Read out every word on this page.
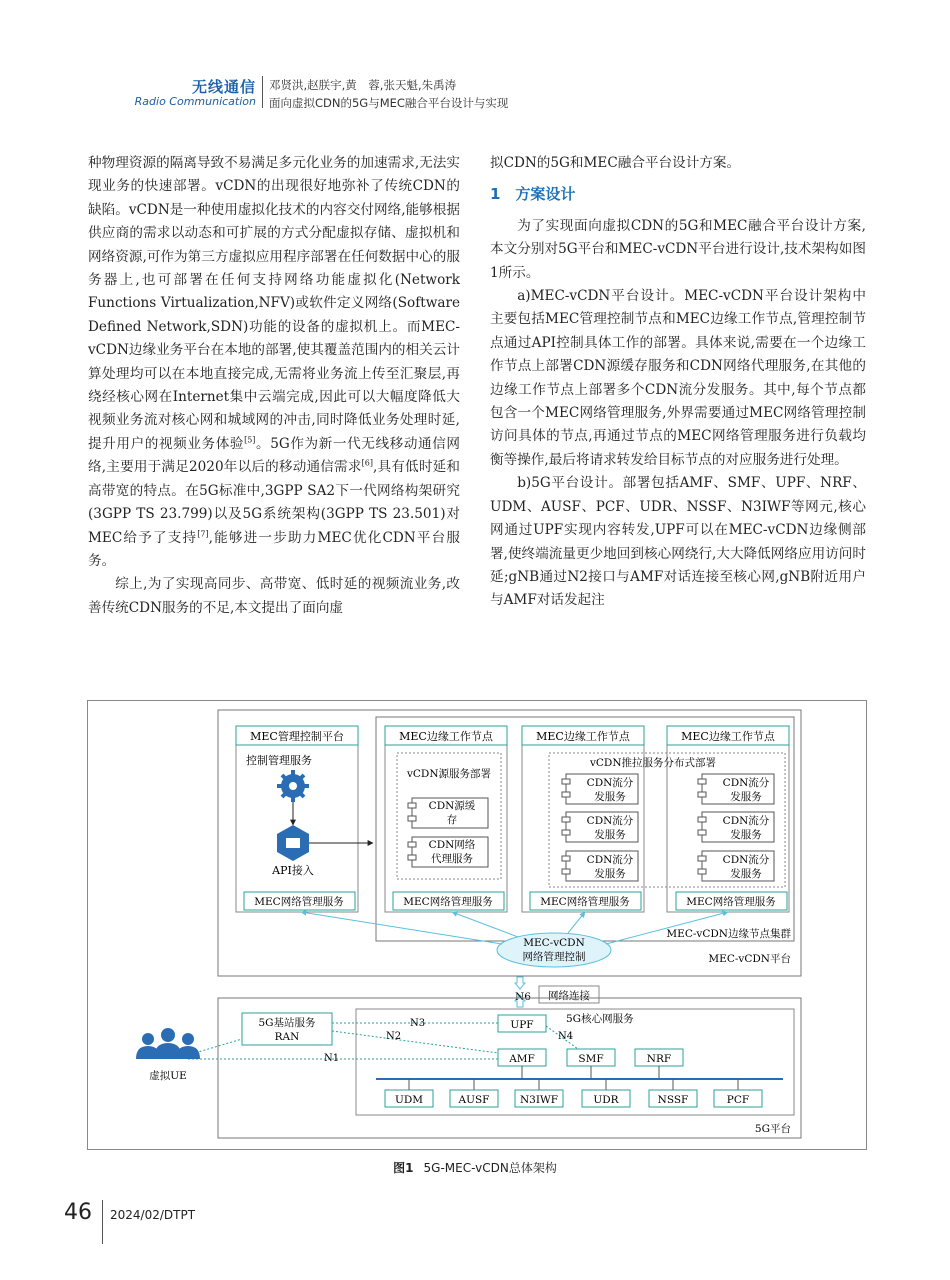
无线通信
Radio Communication
邓贤洪,赵朕宇,黄　蓉,张天魁,朱禹涛
面向虚拟CDN的5G与MEC融合平台设计与实现

种物理资源的隔离导致不易满足多元化业务的加速需求,无法实现业务的快速部署。vCDN的出现很好地弥补了传统CDN的缺陷。vCDN是一种使用虚拟化技术的内容交付网络,能够根据供应商的需求以动态和可扩展的方式分配虚拟存储、虚拟机和网络资源,可作为第三方虚拟应用程序部署在任何数据中心的服务器上,也可部署在任何支持网络功能虚拟化(Network Functions Virtualization,NFV)或软件定义网络(Software Defined Network,SDN)功能的设备的虚拟机上。而MEC-vCDN边缘业务平台在本地的部署,使其覆盖范围内的相关云计算处理均可以在本地直接完成,无需将业务流上传至汇聚层,再绕经核心网在Internet集中云端完成,因此可以大幅度降低大视频业务流对核心网和城域网的冲击,同时降低业务处理时延,提升用户的视频业务体验[5]。5G作为新一代无线移动通信网络,主要用于满足2020年以后的移动通信需求[6],具有低时延和高带宽的特点。在5G标准中,3GPP SA2下一代网络构架研究(3GPP TS 23.799)以及5G系统架构(3GPP TS 23.501)对MEC给予了支持[7],能够进一步助力MEC优化CDN平台服务。

综上,为了实现高同步、高带宽、低时延的视频流业务,改善传统CDN服务的不足,本文提出了面向虚

拟CDN的5G和MEC融合平台设计方案。

1　方案设计

为了实现面向虚拟CDN的5G和MEC融合平台设计方案,本文分别对5G平台和MEC-vCDN平台进行设计,技术架构如图1所示。

a)MEC-vCDN平台设计。MEC-vCDN平台设计架构中主要包括MEC管理控制节点和MEC边缘工作节点,管理控制节点通过API控制具体工作的部署。具体来说,需要在一个边缘工作节点上部署CDN源缓存服务和CDN网络代理服务,在其他的边缘工作节点上部署多个CDN流分发服务。其中,每个节点都包含一个MEC网络管理服务,外界需要通过MEC网络管理控制访问具体的节点,再通过节点的MEC网络管理服务进行负载均衡等操作,最后将请求转发给目标节点的对应服务进行处理。

b)5G平台设计。部署包括AMF、SMF、UPF、NRF、UDM、AUSF、PCF、UDR、NSSF、N3IWF等网元,核心网通过UPF实现内容转发,UPF可以在MEC-vCDN边缘侧部署,使终端流量更少地回到核心网绕行,大大降低网络应用访问时延;gNB通过N2接口与AMF对话连接至核心网,gNB附近用户与AMF对话发起注

MEC管理控制平台
控制管理服务
API接入
MEC网络管理服务
MEC边缘工作节点
vCDN源服务部署
CDN源缓
存
CDN网络
代理服务
MEC网络管理服务
MEC边缘工作节点	MEC边缘工作节点
vCDN推拉服务分布式部署
CDN流分
发服务
CDN流分
发服务
CDN流分
发服务
CDN流分
发服务
CDN流分
发服务
CDN流分
发服务
MEC网络管理服务	MEC网络管理服务
MEC-vCDN边缘节点集群
MEC-vCDN
网络管理控制	MEC-vCDN平台
N6 网络连接
5G基站服务
RAN
UPF	5G核心网服务
AMF	SMF	NRF
N3
N2	N4
N1
UDM	AUSF	N3IWF	UDR	NSSF	PCF
虚拟UE
5G平台
图1 5G-MEC-vCDN总体架构
46 2024/02/DTPT
